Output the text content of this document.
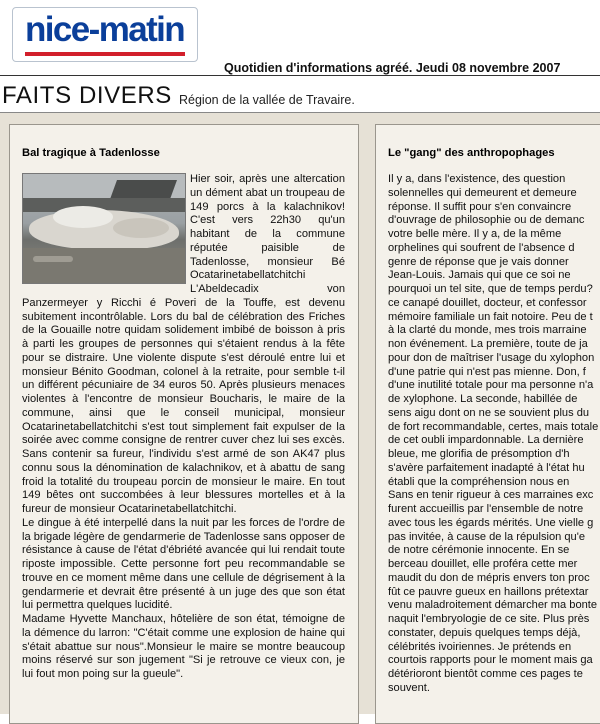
nice-matin
Quotidien d'informations agréé. Jeudi 08 novembre 2007
FAITS DIVERS Région de la vallée de Travaire.
Bal tragique à Tadenlosse

Hier soir, après une altercation un dément abat un troupeau de 149 porcs à la kalachnikov! C'est vers 22h30 qu'un habitant de la commune réputée paisible de Tadenlosse, monsieur Bé Ocatarinetabellatchitchi L'Abeldecadix von Panzermeyer y Ricchi é Poveri de la Touffe, est devenu subitement incontrôlable. Lors du bal de célébration des Friches de la Gouaille notre quidam solidement imbibé de boisson à pris à parti les groupes de personnes qui s'étaient rendus à la fête pour se distraire. Une violente dispute s'est déroulé entre lui et monsieur Bénito Goodman, colonel à la retraite, pour semble t-il un différent pécuniaire de 34 euros 50. Après plusieurs menaces violentes à l'encontre de monsieur Boucharis, le maire de la commune, ainsi que le conseil municipal, monsieur Ocatarinetabellatchitchi s'est tout simplement fait expulser de la soirée avec comme consigne de rentrer cuver chez lui ses excès. Sans contenir sa fureur, l'individu s'est armé de son AK47 plus connu sous la dénomination de kalachnikov, et à abattu de sang froid la totalité du troupeau porcin de monsieur le maire. En tout 149 bêtes ont succombées à leur blessures mortelles et à la fureur de monsieur Ocatarinetabellatchitchi.

Le dingue à été interpellé dans la nuit par les forces de l'ordre de la brigade légère de gendarmerie de Tadenlosse sans opposer de résistance à cause de l'état d'ébriété avancée qui lui rendait toute riposte impossible. Cette personne fort peu recommandable se trouve en ce moment même dans une cellule de dégrisement à la gendarmerie et devrait être présenté à un juge des que son état lui permettra quelques lucidité.

Madame Hyvette Manchaux, hôtelière de son état, témoigne de la démence du larron: "C'était comme une explosion de haine qui s'était abattue sur nous".Monsieur le maire se montre beaucoup moins réservé sur son jugement "Si je retrouve ce vieux con, je lui fout mon poing sur la gueule".

Le "gang" des anthropophages
Il y a, dans l'existence, des question
solennelles qui demeurent et demeure
réponse. Il suffit pour s'en convaincre
d'ouvrage de philosophie ou de demanc
votre belle mère. Il y a, de la même
orphelines qui soufrent de l'absence d
genre de réponse que je vais donner
Jean-Louis. Jamais qui que ce soi ne
pourquoi un tel site, que de temps perdu?
ce canapé douillet, docteur, et confessor
mémoire familiale un fait notoire. Peu de t
à la clarté du monde, mes trois marraine
non événement. La première, toute de ja
pour don de maîtriser l'usage du xylophon
d'une patrie qui n'est pas mienne. Don, f
d'une inutilité totale pour ma personne n'a
de xylophone. La seconde, habillée de
sens aigu dont on ne se souvient plus du
de fort recommandable, certes, mais totale
de cet oubli impardonnable. La dernière
bleue, me glorifia de présomption d'h
s'avère parfaitement inadapté à l'état hu
établi que la compréhension nous en
Sans en tenir rigueur à ces marraines exc
furent accueillis par l'ensemble de notre
avec tous les égards mérités. Une vielle g
pas invitée, à cause de la répulsion qu'e
de notre cérémonie innocente. En se
berceau douillet, elle proféra cette mer
maudit du don de mépris envers ton proc
fût ce pauvre gueux en haillons prétextar
venu maladroitement démarcher ma bonte
naquit l'embryologie de ce site. Plus près
constater, depuis quelques temps déjà,
célébrités ivoiriennes. Je prétends en
courtois rapports pour le moment mais ga
détérioront bientôt comme ces pages te
souvent.
